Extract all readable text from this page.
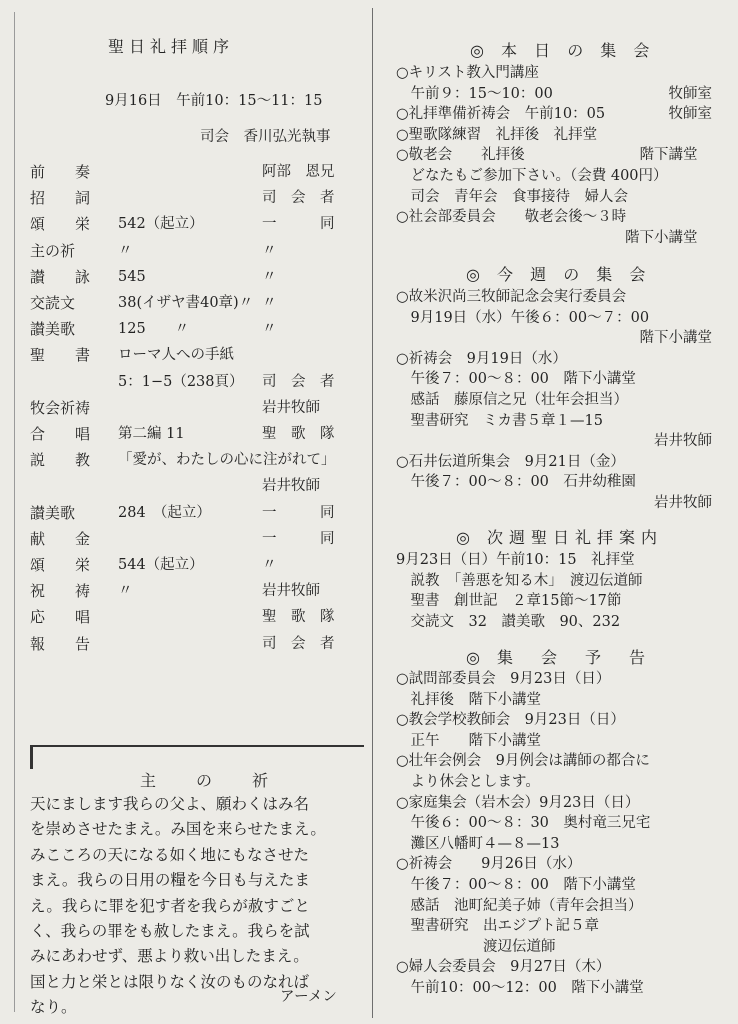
聖日礼拝順序
9月16日　午前10：15〜11：15
司会　香川弘光執事
前　　奏	阿部　恩兄
招　　詞	司　会　者
頌　　栄 542（起立）	一　　　同
主の祈	〃	〃
讃　　詠 545	〃
交読文	38(イザヤ書40章)〃 〃
讃美歌	125　　〃	〃
聖　　書 ローマ人への手紙
5：1−5（238頁） 司　会　者
牧会祈祷	岩井牧師
合　　唱 第二編 11	聖　歌　隊
説　　教 「愛が、わたしの心に注がれて」
岩井牧師
讃美歌	284　（起立）	一　　　同
献　　金	一　　　同
頌　　栄 544（起立）	〃
祝　　祷 〃	岩井牧師
応　　唱	聖　歌　隊
報　　告	司　会　者
主　の　祈

天にまします我らの父よ、願わくはみ名

を崇めさせたまえ。み国を来らせたまえ。

みこころの天になる如く地にもなさせた

まえ。我らの日用の糧を今日も与えたま

え。我らに罪を犯す者を我らが赦すごと

く、我らの罪をも赦したまえ。我らを試

みにあわせず、悪より救い出したまえ。

国と力と栄とは限りなく汝のものなれば

なり。

アーメン
◎ 本 日 の 集 会
○キリスト教入門講座
　午前９：15〜10：00	牧師室
○礼拝準備祈祷会　午前10：05	牧師室
○聖歌隊練習　礼拝後　礼拝堂
○敬老会　　礼拝後	階下講堂　
　どなたもご参加下さい。（会費 400円）
　司会　青年会　食事接待　婦人会
○社会部委員会　　敬老会後〜３時
階下小講堂　
◎ 今 週 の 集 会
○故米沢尚三牧師記念会実行委員会
　9月19日（水）午後６：00〜７：00
階下小講堂
○祈祷会　9月19日（水）
　午後７：00〜８：00　階下小講堂
　感話　藤原信之兄（壮年会担当）
　聖書研究　ミカ書５章１—15
岩井牧師
○石井伝道所集会　9月21日（金）
　午後７：00〜８：00　石井幼稚園
岩井牧師
◎ 次週聖日礼拝案内
9月23日（日）午前10：15　礼拝堂
　説教　「善悪を知る木」　渡辺伝道師
　聖書　創世記　２章15節〜17節
　交読文　32　讃美歌　90、232
◎ 集　会　予　告
○試問部委員会　9月23日（日）
　礼拝後　階下小講堂
○教会学校教師会　9月23日（日）
　正午　　階下小講堂
○壮年会例会　9月例会は講師の都合に
　より休会とします。
○家庭集会（岩木会）9月23日（日）
　午後６：00〜８：30　奥村竜三兄宅
　灘区八幡町４—８—13
○祈祷会　　9月26日（水）
　午後７：00〜８：00　階下小講堂
　感話　池町紀美子姉（青年会担当）
　聖書研究　出エジプト記５章
　　　　　　渡辺伝道師
○婦人会委員会　9月27日（木）
　午前10：00〜12：00　階下小講堂
